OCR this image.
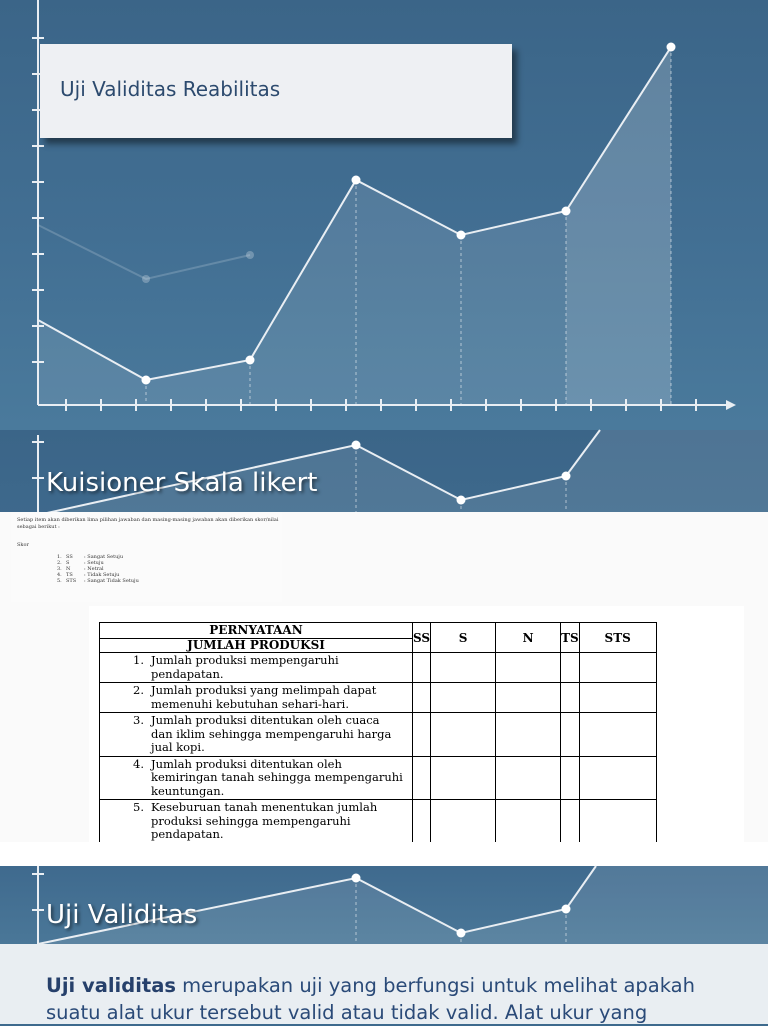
Uji Validitas Reabilitas
Kuisioner Skala likert
Setiap item akan diberikan lima pilihan jawaban dan masing-masing jawaban akan diberikan skor/nilai sebagai berikut :
Skor
1. SS : Sangat Setuju
2. S	: Setuju
3. N	: Netral
4. TS : Tidak Setuju
5. STS : Sangat Tidak Setuju
PERNYATAAN
JUMLAH PRODUKSI	SS	S	N	TS	STS
1. Jumlah produksi mempengaruhi pendapatan.					
2. Jumlah produksi yang melimpah dapat memenuhi kebutuhan sehari-hari.					
3. Jumlah produksi ditentukan oleh cuaca dan iklim sehingga mempengaruhi harga jual kopi.					
4. Jumlah produksi ditentukan oleh kemiringan tanah sehingga mempengaruhi keuntungan.					
5. Keseburuan tanah menentukan jumlah produksi sehingga mempengaruhi pendapatan.					

Uji Validitas
Uji validitas merupakan uji yang berfungsi untuk melihat apakah suatu alat ukur tersebut valid atau tidak valid. Alat ukur yang
